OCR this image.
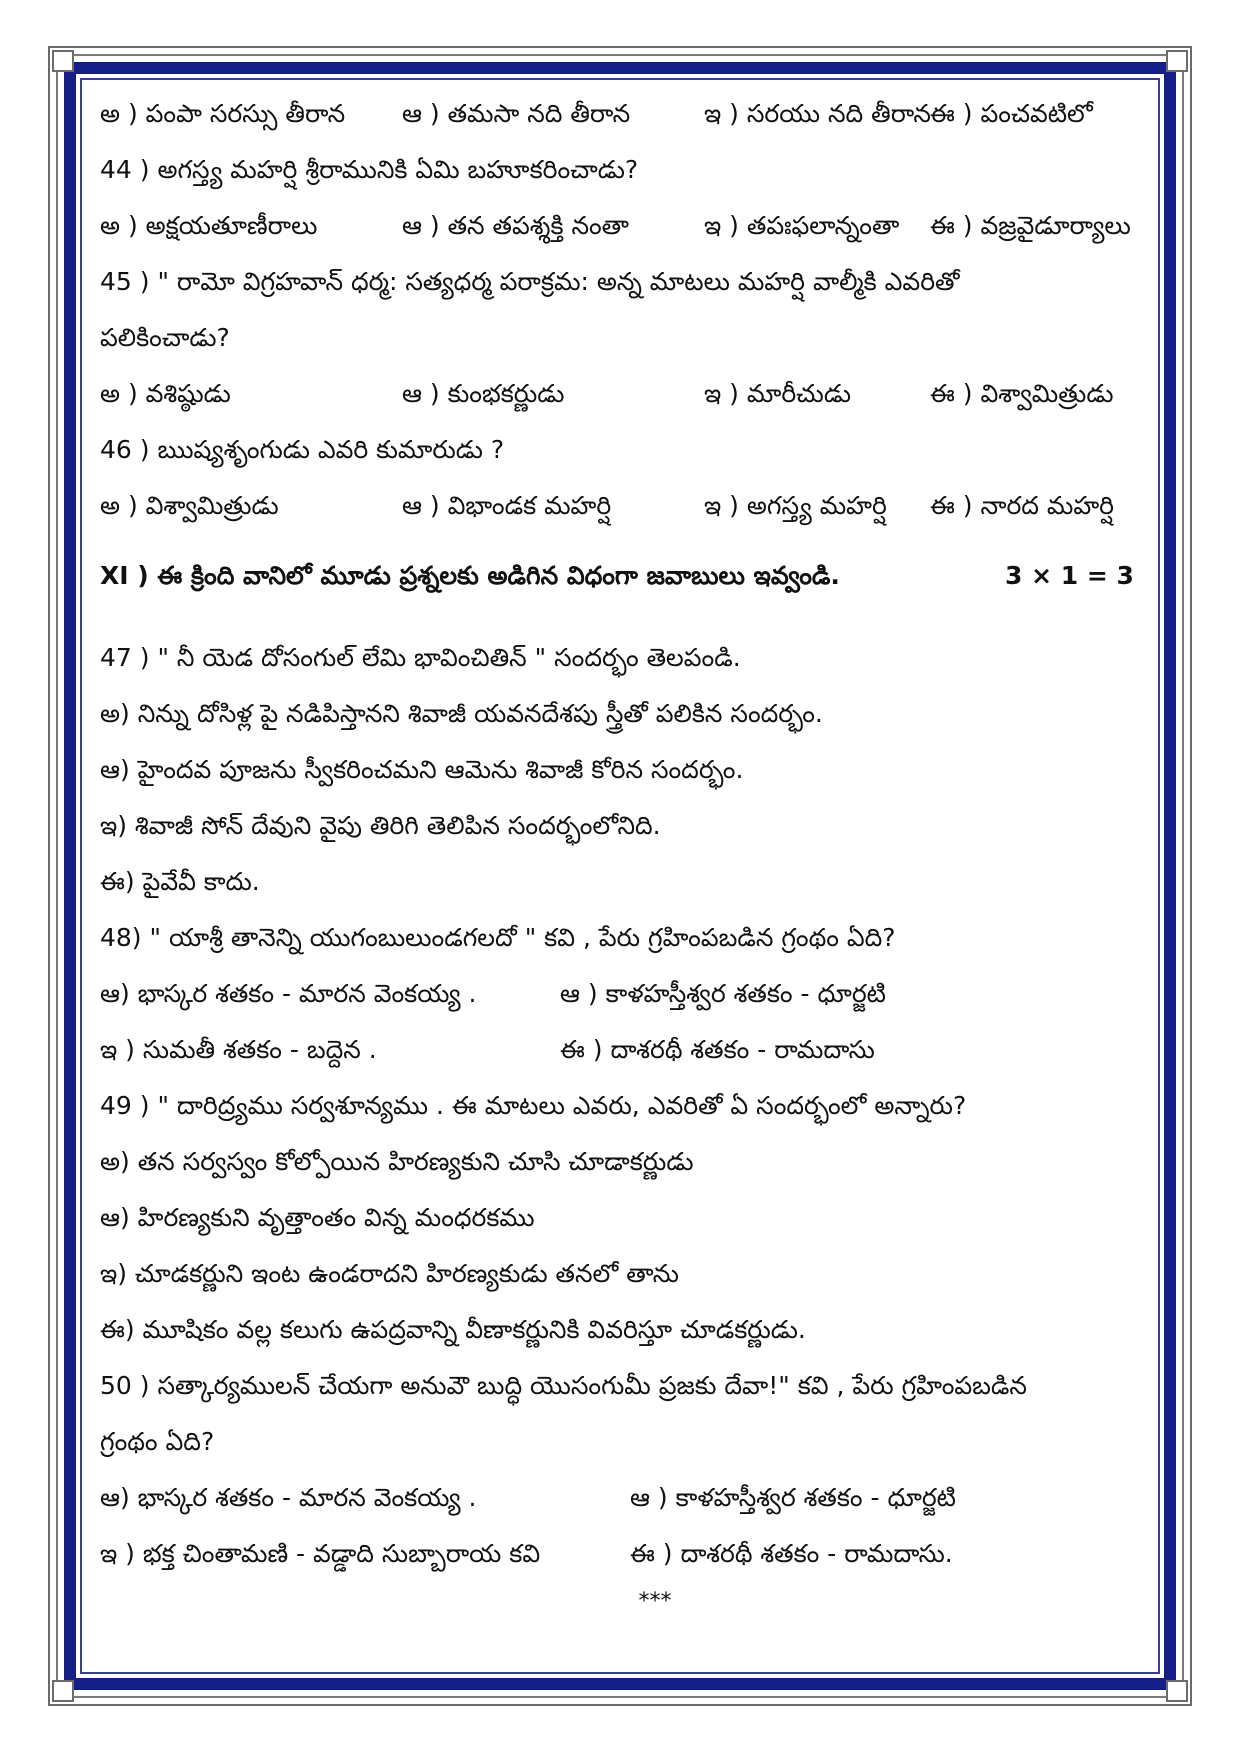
అ ) పంపా సరస్సు తీరాన ఆ ) తమసా నది తీరాన	ఇ ) సరయు నది తీరాన ఈ ) పంచవటిలో
44 ) అగస్త్య మహర్షి శ్రీరామునికి ఏమి బహూకరించాడు?
అ ) అక్షయతూణీరాలు	ఆ ) తన తపశ్శక్తి నంతా	ఇ ) తపఃఫలాన్నంతా ఈ ) వజ్రవైడూర్యాలు
45 ) " రామో విగ్రహవాన్ ధర్మ: సత్యధర్మ పరాక్రమ: అన్న మాటలు మహర్షి వాల్మీకి ఎవరితో
పలికించాడు?
అ ) వశిష్ఠుడు	ఆ ) కుంభకర్ణుడు	ఇ ) మారీచుడు	ఈ ) విశ్వామిత్రుడు
46 ) ఋష్యశృంగుడు ఎవరి కుమారుడు ?
అ ) విశ్వామిత్రుడు	ఆ ) విభాండక మహర్షి	ఇ ) అగస్త్య మహర్షి ఈ ) నారద మహర్షి
XI ) ఈ క్రింది వానిలో మూడు ప్రశ్నలకు అడిగిన విధంగా జవాబులు ఇవ్వండి.	3 × 1 = 3
47 ) " నీ యెడ దోసంగుల్ లేమి భావించితిన్ " సందర్భం తెలపండి.
అ) నిన్ను దోసిళ్ల పై నడిపిస్తానని శివాజీ యవనదేశపు స్త్రీతో పలికిన సందర్భం.
ఆ) హైందవ పూజను స్వీకరించమని ఆమెను శివాజీ కోరిన సందర్భం.
ఇ) శివాజీ సోన్ దేవుని వైపు తిరిగి తెలిపిన సందర్భంలోనిది.
ఈ) పైవేవీ కాదు.
48) " యాశ్రీ తానెన్ని యుగంబులుండగలదో " కవి , పేరు గ్రహింపబడిన గ్రంథం ఏది?
ఆ) భాస్కర శతకం - మారన వెంకయ్య .	ఆ ) కాళహస్తీశ్వర శతకం - ధూర్జటి
ఇ ) సుమతీ శతకం - బద్దెన .	ఈ ) దాశరథీ శతకం - రామదాసు
49 ) " దారిద్ర్యము సర్వశూన్యము . ఈ మాటలు ఎవరు, ఎవరితో ఏ సందర్భంలో అన్నారు?
అ) తన సర్వస్వం కోల్పోయిన హిరణ్యకుని చూసి చూడాకర్ణుడు
ఆ) హిరణ్యకుని వృత్తాంతం విన్న మంధరకము
ఇ) చూడకర్ణుని ఇంట ఉండరాదని హిరణ్యకుడు తనలో తాను
ఈ) మూషికం వల్ల కలుగు ఉపద్రవాన్ని వీణాకర్ణునికి వివరిస్తూ చూడకర్ణుడు.
50 ) సత్కార్యములన్ చేయగా అనువౌ బుద్ధి యొసంగుమీ ప్రజకు దేవా!" కవి , పేరు గ్రహింపబడిన
గ్రంథం ఏది?
ఆ) భాస్కర శతకం - మారన వెంకయ్య .	ఆ ) కాళహస్తీశ్వర శతకం - ధూర్జటి
ఇ ) భక్త చింతామణి - వడ్డాది సుబ్బారాయ కవి	ఈ ) దాశరథీ శతకం - రామదాసు.
***
